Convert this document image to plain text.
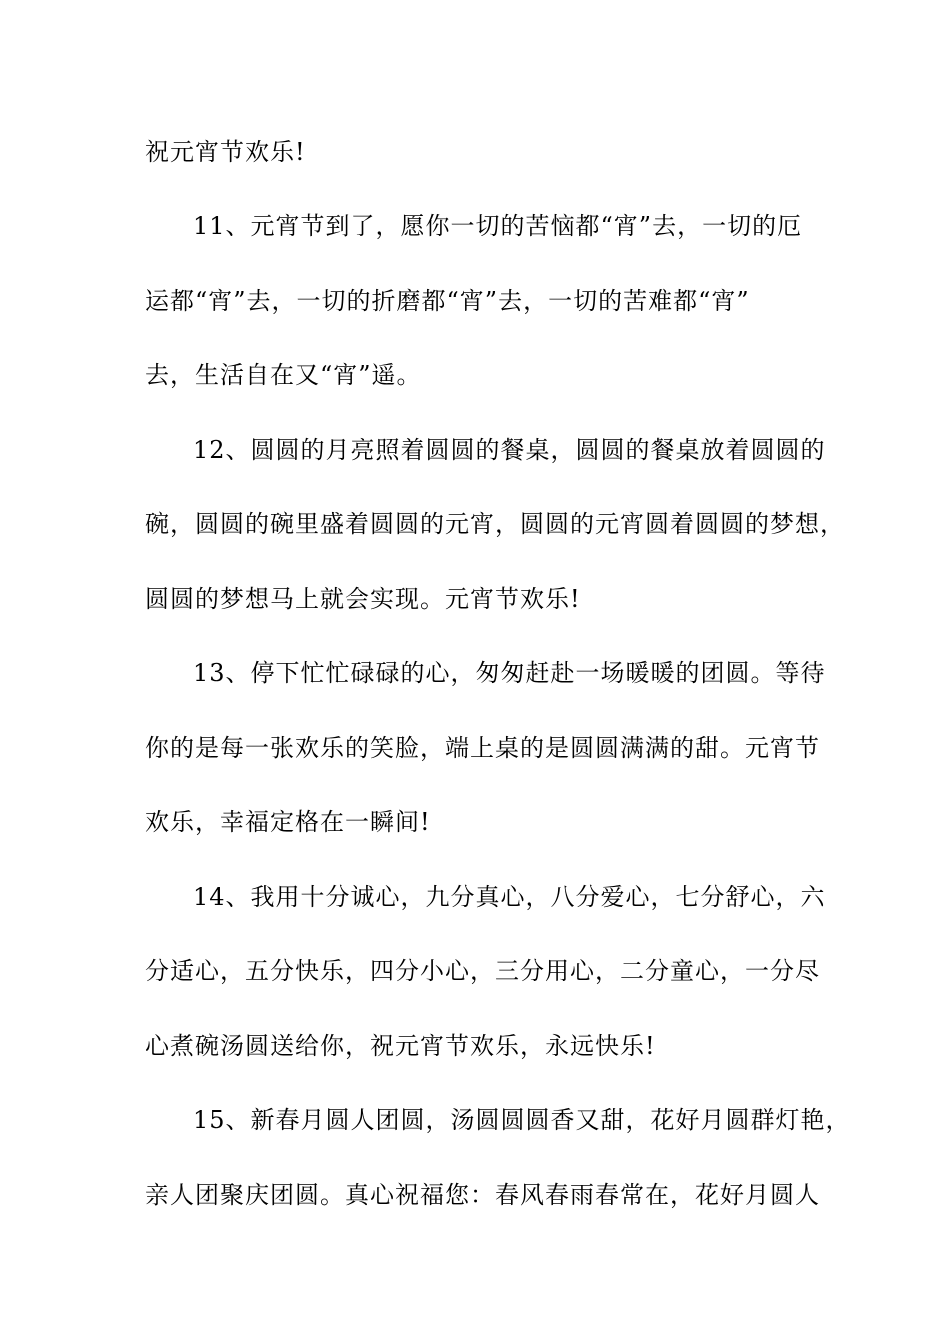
祝元宵节欢乐!
11、元宵节到了，愿你一切的苦恼都“宵”去，一切的厄
运都“宵”去，一切的折磨都“宵”去，一切的苦难都“宵”
去，生活自在又“宵”遥。
12、圆圆的月亮照着圆圆的餐桌，圆圆的餐桌放着圆圆的
碗，圆圆的碗里盛着圆圆的元宵，圆圆的元宵圆着圆圆的梦想，
圆圆的梦想马上就会实现。元宵节欢乐!
13、停下忙忙碌碌的心，匆匆赶赴一场暖暖的团圆。等待
你的是每一张欢乐的笑脸，端上桌的是圆圆满满的甜。元宵节
欢乐，幸福定格在一瞬间!
14、我用十分诚心，九分真心，八分爱心，七分舒心，六
分适心，五分快乐，四分小心，三分用心，二分童心，一分尽
心煮碗汤圆送给你，祝元宵节欢乐，永远快乐!
15、新春月圆人团圆，汤圆圆圆香又甜，花好月圆群灯艳，
亲人团聚庆团圆。真心祝福您：春风春雨春常在，花好月圆人
